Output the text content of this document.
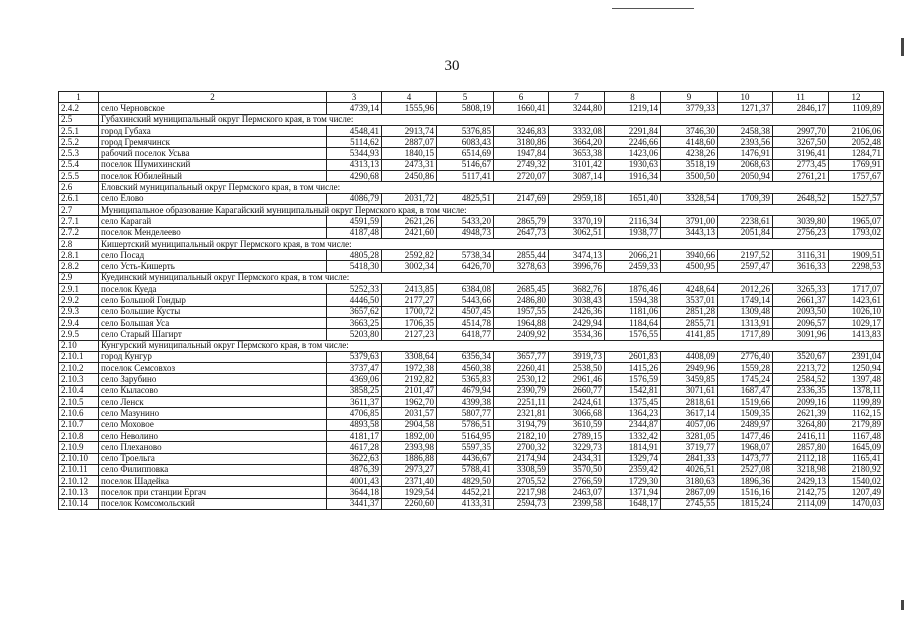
30
1	2	3	4	5	6	7	8	9	10	11	12
2.4.2	село Черновское	4739,14	1555,96	5808,19	1660,41	3244,80	1219,14	3779,33	1271,37	2846,17	1109,89
2.5	Губахинский муниципальный округ Пермского края, в том числе:										
2.5.1	город Губаха	4548,41	2913,74	5376,85	3246,83	3332,08	2291,84	3746,30	2458,38	2997,70	2106,06
2.5.2	город Гремячинск	5114,62	2887,07	6083,43	3180,86	3664,20	2246,66	4148,60	2393,56	3267,50	2052,48
2.5.3	рабочий поселок Усьва	5344,93	1840,15	6514,69	1947,84	3653,38	1423,06	4238,26	1476,91	3196,41	1284,71
2.5.4	поселок Шумихинский	4313,13	2473,31	5146,67	2749,32	3101,42	1930,63	3518,19	2068,63	2773,45	1769,91
2.5.5	поселок Юбилейный	4290,68	2450,86	5117,41	2720,07	3087,14	1916,34	3500,50	2050,94	2761,21	1757,67
2.6	Еловский муниципальный округ Пермского края, в том числе:										
2.6.1	село Елово	4086,79	2031,72	4825,51	2147,69	2959,18	1651,40	3328,54	1709,39	2648,52	1527,57
2.7	Муниципальное образование Карагайский муниципальный округ Пермского края, в том числе:										
2.7.1	село Карагай	4591,59	2621,26	5433,20	2865,79	3370,19	2116,34	3791,00	2238,61	3039,80	1965,07
2.7.2	поселок Менделеево	4187,48	2421,60	4948,73	2647,73	3062,51	1938,77	3443,13	2051,84	2756,23	1793,02
2.8	Кишертский муниципальный округ Пермского края, в том числе:										
2.8.1	село Посад	4805,28	2592,82	5738,34	2855,44	3474,13	2066,21	3940,66	2197,52	3116,31	1909,51
2.8.2	село Усть-Кишерть	5418,30	3002,34	6426,70	3278,63	3996,76	2459,33	4500,95	2597,47	3616,33	2298,53
2.9	Куединский муниципальный округ Пермского края, в том числе:										
2.9.1	поселок Куеда	5252,33	2413,85	6384,08	2685,45	3682,76	1876,46	4248,64	2012,26	3265,33	1717,07
2.9.2	село Большой Гондыр	4446,50	2177,27	5443,66	2486,80	3038,43	1594,38	3537,01	1749,14	2661,37	1423,61
2.9.3	село Большие Кусты	3657,62	1700,72	4507,45	1957,55	2426,36	1181,06	2851,28	1309,48	2093,50	1026,10
2.9.4	село Большая Уса	3663,25	1706,35	4514,78	1964,88	2429,94	1184,64	2855,71	1313,91	2096,57	1029,17
2.9.5	село Старый Шагирт	5203,80	2127,23	6418,77	2409,92	3534,36	1576,55	4141,85	1717,89	3091,96	1413,83
2.10	Кунгурский муниципальный округ Пермского края, в том числе:										
2.10.1	город Кунгур	5379,63	3308,64	6356,34	3657,77	3919,73	2601,83	4408,09	2776,40	3520,67	2391,04
2.10.2	поселок Семсовхоз	3737,47	1972,38	4560,38	2260,41	2538,50	1415,26	2949,96	1559,28	2213,72	1250,94
2.10.3	село Зарубино	4369,06	2192,82	5365,83	2530,12	2961,46	1576,59	3459,85	1745,24	2584,52	1397,48
2.10.4	село Кыласово	3858,25	2101,47	4679,94	2390,79	2660,77	1542,81	3071,61	1687,47	2336,35	1378,11
2.10.5	село Ленск	3611,37	1962,70	4399,38	2251,11	2424,61	1375,45	2818,61	1519,66	2099,16	1199,89
2.10.6	село Мазунино	4706,85	2031,57	5807,77	2321,81	3066,68	1364,23	3617,14	1509,35	2621,39	1162,15
2.10.7	село Моховое	4893,58	2904,58	5786,51	3194,79	3610,59	2344,87	4057,06	2489,97	3264,80	2179,89
2.10.8	село Неволино	4181,17	1892,00	5164,95	2182,10	2789,15	1332,42	3281,05	1477,46	2416,11	1167,48
2.10.9	село Плеханово	4617,28	2393,98	5597,35	2700,32	3229,73	1814,91	3719,77	1968,07	2857,80	1645,09
2.10.10	село Троельга	3622,63	1886,88	4436,67	2174,94	2434,31	1329,74	2841,33	1473,77	2112,18	1165,41
2.10.11	село Филипповка	4876,39	2973,27	5788,41	3308,59	3570,50	2359,42	4026,51	2527,08	3218,98	2180,92
2.10.12	поселок Шадейка	4001,43	2371,40	4829,50	2705,52	2766,59	1729,30	3180,63	1896,36	2429,13	1540,02
2.10.13	поселок при станции Ергач	3644,18	1929,54	4452,21	2217,98	2463,07	1371,94	2867,09	1516,16	2142,75	1207,49
2.10.14	поселок Комсомольский	3441,37	2260,60	4133,31	2594,73	2399,58	1648,17	2745,55	1815,24	2114,09	1470,03
